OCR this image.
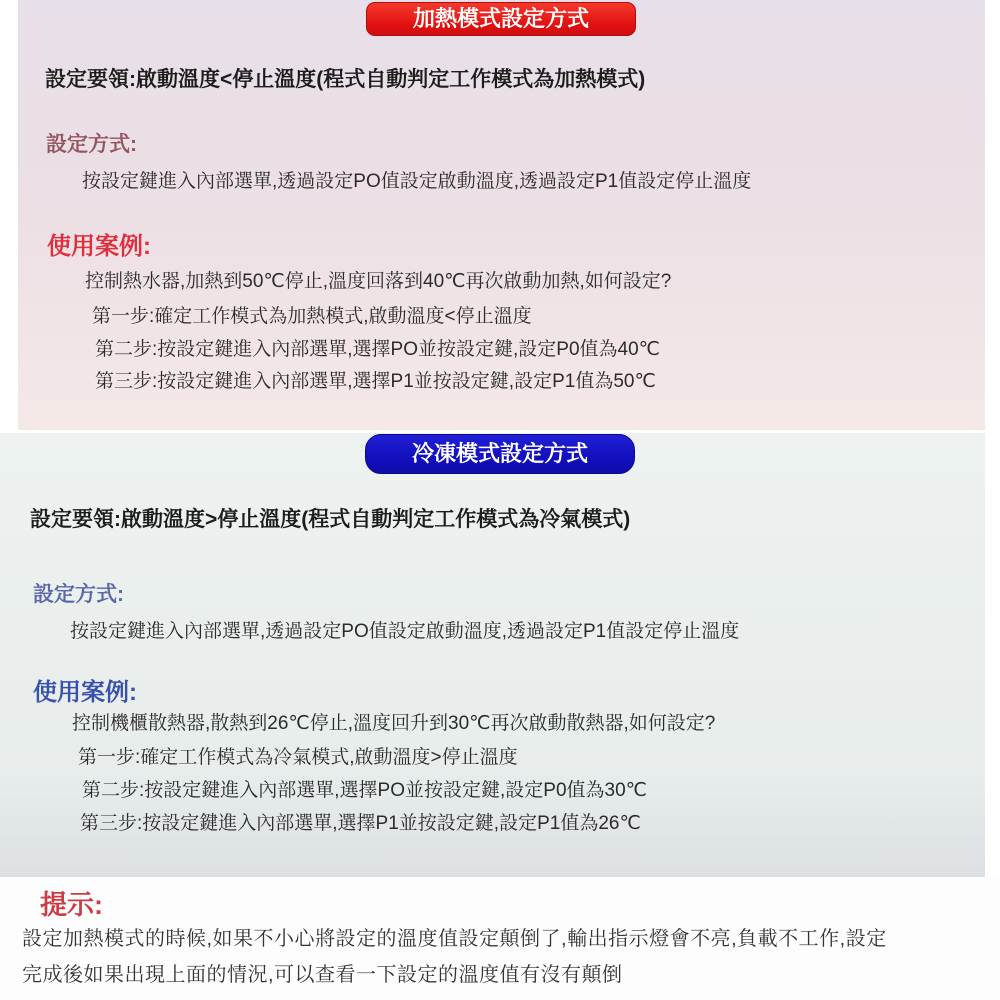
加熱模式設定方式
設定要領:啟動溫度<停止溫度(程式自動判定工作模式為加熱模式)
設定方式:
按設定鍵進入內部選單,透過設定PO值設定啟動溫度,透過設定P1值設定停止溫度
使用案例:
控制熱水器,加熱到50℃停止,溫度回落到40℃再次啟動加熱,如何設定?
第一步:確定工作模式為加熱模式,啟動溫度<停止溫度
第二步:按設定鍵進入內部選單,選擇PO並按設定鍵,設定P0值為40℃
第三步:按設定鍵進入內部選單,選擇P1並按設定鍵,設定P1值為50℃
冷凍模式設定方式
設定要領:啟動溫度>停止溫度(程式自動判定工作模式為冷氣模式)
設定方式:
按設定鍵進入內部選單,透過設定PO值設定啟動溫度,透過設定P1值設定停止溫度
使用案例:
控制機櫃散熱器,散熱到26℃停止,溫度回升到30℃再次啟動散熱器,如何設定?
第一步:確定工作模式為冷氣模式,啟動溫度>停止溫度
第二步:按設定鍵進入內部選單,選擇PO並按設定鍵,設定P0值為30℃
第三步:按設定鍵進入內部選單,選擇P1並按設定鍵,設定P1值為26℃
提示:
設定加熱模式的時候,如果不小心將設定的溫度值設定顛倒了,輸出指示燈會不亮,負載不工作,設定
完成後如果出現上面的情況,可以查看一下設定的溫度值有沒有顛倒
